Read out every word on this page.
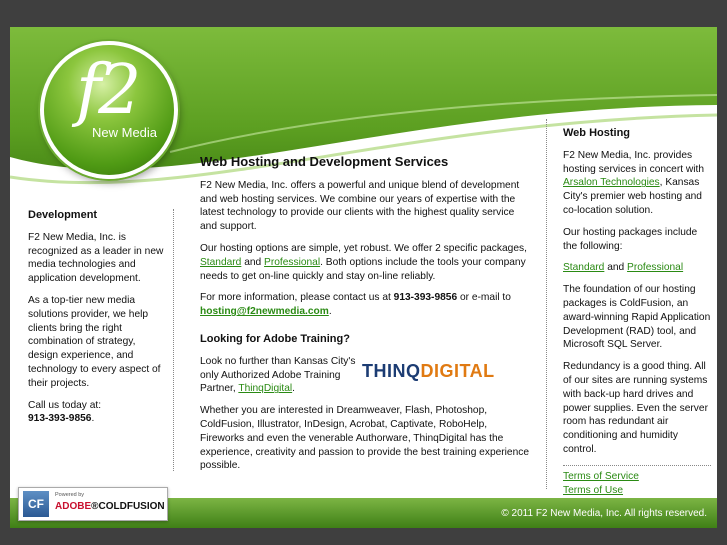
f2
New Media
Development

F2 New Media, Inc. is recognized as a leader in new media technologies and application development.

As a top-tier new media solutions provider, we help clients bring the right combination of strategy, design experience, and technology to every aspect of their projects.

Call us today at:
913-393-9856.

Web Hosting and Development Services

F2 New Media, Inc. offers a powerful and unique blend of development and web hosting services. We combine our years of expertise with the latest technology to provide our clients with the highest quality service and support.

Our hosting options are simple, yet robust. We offer 2 specific packages, Standard and Professional. Both options include the tools your company needs to get on-line quickly and stay on-line reliably.

For more information, please contact us at 913-393-9856 or e-mail to
hosting@f2newmedia.com.

Looking for Adobe Training?

Look no further than Kansas City's only Authorized Adobe Training Partner, ThinqDigital.

Whether you are interested in Dreamweaver, Flash, Photoshop, ColdFusion, Illustrator, InDesign, Acrobat, Captivate, RoboHelp, Fireworks and even the venerable Authorware, ThinqDigital has the experience, creativity and passion to provide the best training experience possible.

THINQDIGITAL
Web Hosting

F2 New Media, Inc. provides hosting services in concert with Arsalon Technologies, Kansas City's premier web hosting and co-location solution.

Our hosting packages include the following:

Standard and Professional

The foundation of our hosting packages is ColdFusion, an award-winning Rapid Application Development (RAD) tool, and Microsoft SQL Server.

Redundancy is a good thing. All of our sites are running systems with back-up hard drives and power supplies. Even the server room has redundant air conditioning and humidity control.

Terms of Service
Terms of Use
© 2011 F2 New Media, Inc. All rights reserved.
CF
Powered by
ADOBE®COLDFUSION
